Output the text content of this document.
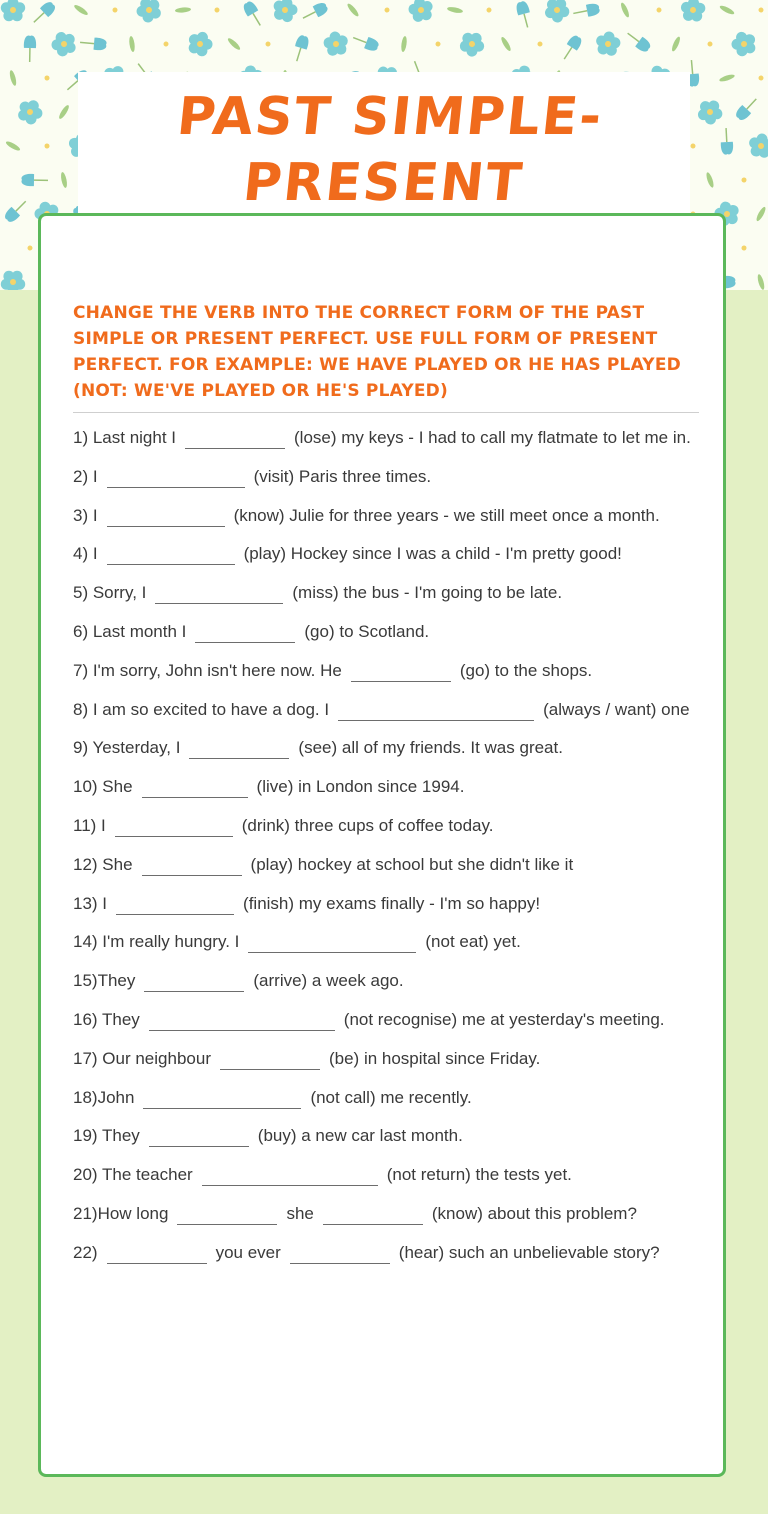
PAST SIMPLE-PRESENT

CHANGE THE VERB INTO THE CORRECT FORM OF THE PAST SIMPLE OR PRESENT PERFECT. USE FULL FORM OF PRESENT PERFECT. FOR EXAMPLE: WE HAVE PLAYED OR HE HAS PLAYED (NOT: WE'VE PLAYED OR HE'S PLAYED)

1) Last night I	(lose) my keys - I had to call my flatmate to let me in.
2) I	(visit) Paris three times.
3) I	(know) Julie for three years - we still meet once a month.
4) I	(play) Hockey since I was a child - I'm pretty good!
5) Sorry, I	(miss) the bus - I'm going to be late.
6) Last month I	(go) to Scotland.
7) I'm sorry, John isn't here now. He	(go) to the shops.
8) I am so excited to have a dog. I	(always / want) one
9) Yesterday, I	(see) all of my friends. It was great.
10) She	(live) in London since 1994.
11) I	(drink) three cups of coffee today.
12) She	(play) hockey at school but she didn't like it
13) I	(finish) my exams finally - I'm so happy!
14) I'm really hungry. I	(not eat) yet.
15)They	(arrive) a week ago.
16) They	(not recognise) me at yesterday's meeting.
17) Our neighbour	(be) in hospital since Friday.
18)John	(not call) me recently.
19) They	(buy) a new car last month.
20) The teacher	(not return) the tests yet.
21)How long	she	(know) about this problem?
22)	you ever	(hear) such an unbelievable story?
